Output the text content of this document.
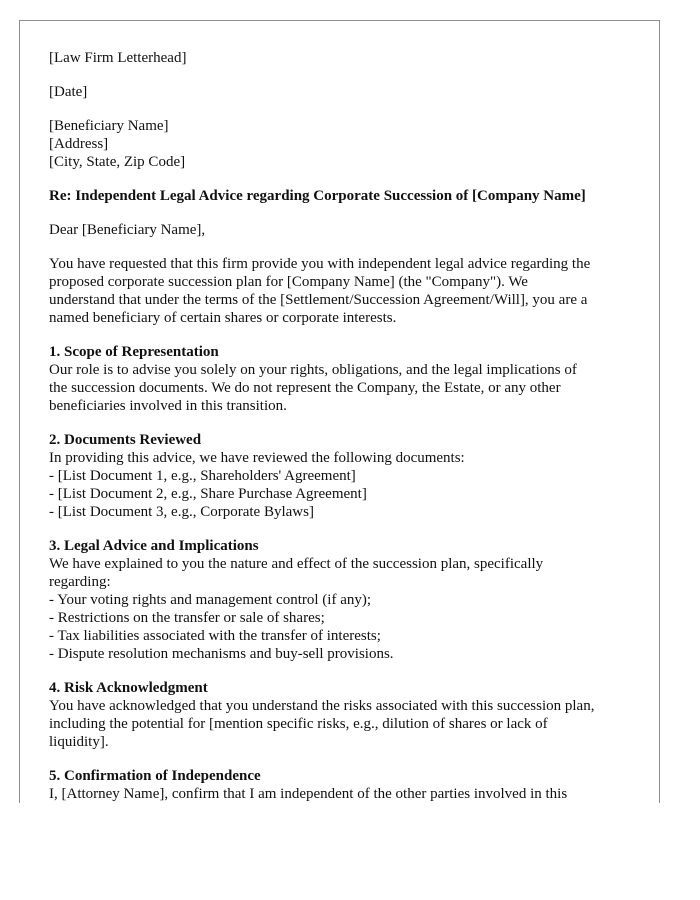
[Law Firm Letterhead]

[Date]

[Beneficiary Name]
[Address]
[City, State, Zip Code]

Re: Independent Legal Advice regarding Corporate Succession of [Company Name]

Dear [Beneficiary Name],

You have requested that this firm provide you with independent legal advice regarding the
proposed corporate succession plan for [Company Name] (the "Company"). We
understand that under the terms of the [Settlement/Succession Agreement/Will], you are a
named beneficiary of certain shares or corporate interests.

1. Scope of Representation
Our role is to advise you solely on your rights, obligations, and the legal implications of
the succession documents. We do not represent the Company, the Estate, or any other
beneficiaries involved in this transition.
2. Documents Reviewed
In providing this advice, we have reviewed the following documents:
- [List Document 1, e.g., Shareholders' Agreement]
- [List Document 2, e.g., Share Purchase Agreement]
- [List Document 3, e.g., Corporate Bylaws]
3. Legal Advice and Implications
We have explained to you the nature and effect of the succession plan, specifically
regarding:
- Your voting rights and management control (if any);
- Restrictions on the transfer or sale of shares;
- Tax liabilities associated with the transfer of interests;
- Dispute resolution mechanisms and buy-sell provisions.
4. Risk Acknowledgment
You have acknowledged that you understand the risks associated with this succession plan,
including the potential for [mention specific risks, e.g., dilution of shares or lack of
liquidity].
5. Confirmation of Independence
I, [Attorney Name], confirm that I am independent of the other parties involved in this
